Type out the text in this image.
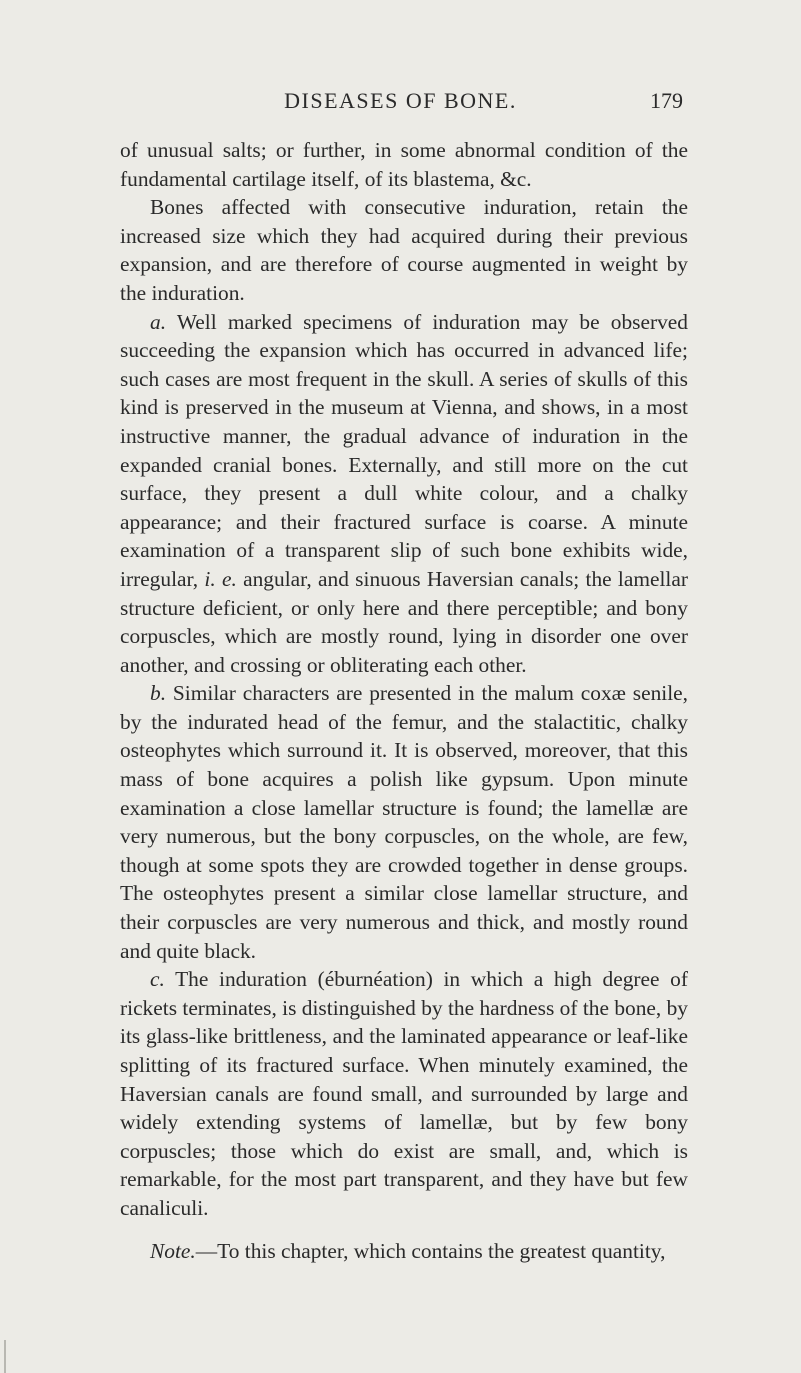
DISEASES OF BONE.	179

of unusual salts; or further, in some abnormal condition of the fundamental cartilage itself, of its blastema, &c.

Bones affected with consecutive induration, retain the increased size which they had acquired during their previous expansion, and are therefore of course augmented in weight by the induration.

a. Well marked specimens of induration may be observed succeeding the expansion which has occurred in advanced life; such cases are most frequent in the skull. A series of skulls of this kind is preserved in the museum at Vienna, and shows, in a most instructive manner, the gradual advance of induration in the expanded cranial bones. Externally, and still more on the cut surface, they present a dull white colour, and a chalky appearance; and their fractured surface is coarse. A minute examination of a transparent slip of such bone exhibits wide, irregular, i. e. angular, and sinuous Haversian canals; the lamellar structure deficient, or only here and there perceptible; and bony corpuscles, which are mostly round, lying in disorder one over another, and crossing or obliterating each other.

b. Similar characters are presented in the malum coxæ senile, by the indurated head of the femur, and the stalactitic, chalky osteophytes which surround it. It is observed, moreover, that this mass of bone acquires a polish like gypsum. Upon minute examination a close lamellar structure is found; the lamellæ are very numerous, but the bony corpuscles, on the whole, are few, though at some spots they are crowded together in dense groups. The osteophytes present a similar close lamellar structure, and their corpuscles are very numerous and thick, and mostly round and quite black.

c. The induration (éburnéation) in which a high degree of rickets terminates, is distinguished by the hardness of the bone, by its glass-like brittleness, and the laminated appearance or leaf-like splitting of its fractured surface. When minutely examined, the Haversian canals are found small, and surrounded by large and widely extending systems of lamellæ, but by few bony corpuscles; those which do exist are small, and, which is remarkable, for the most part transparent, and they have but few canaliculi.

Note.—To this chapter, which contains the greatest quantity,
